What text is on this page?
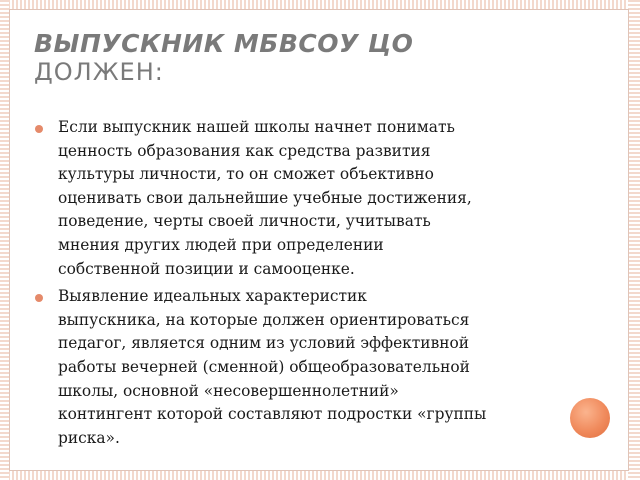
ВЫПУСКНИК МБВСОУ ЦО
ДОЛЖЕН:
Если выпускник нашей школы начнет понимать
ценность образования как средства развития
культуры личности, то он сможет объективно
оценивать свои дальнейшие учебные достижения,
поведение, черты своей личности, учитывать
мнения других людей при определении
собственной позиции и самооценке.
Выявление идеальных характеристик
выпускника, на которые должен ориентироваться
педагог, является одним из условий эффективной
работы вечерней (сменной) общеобразовательной
школы, основной «несовершеннолетний»
контингент которой составляют подростки «группы
риска».
